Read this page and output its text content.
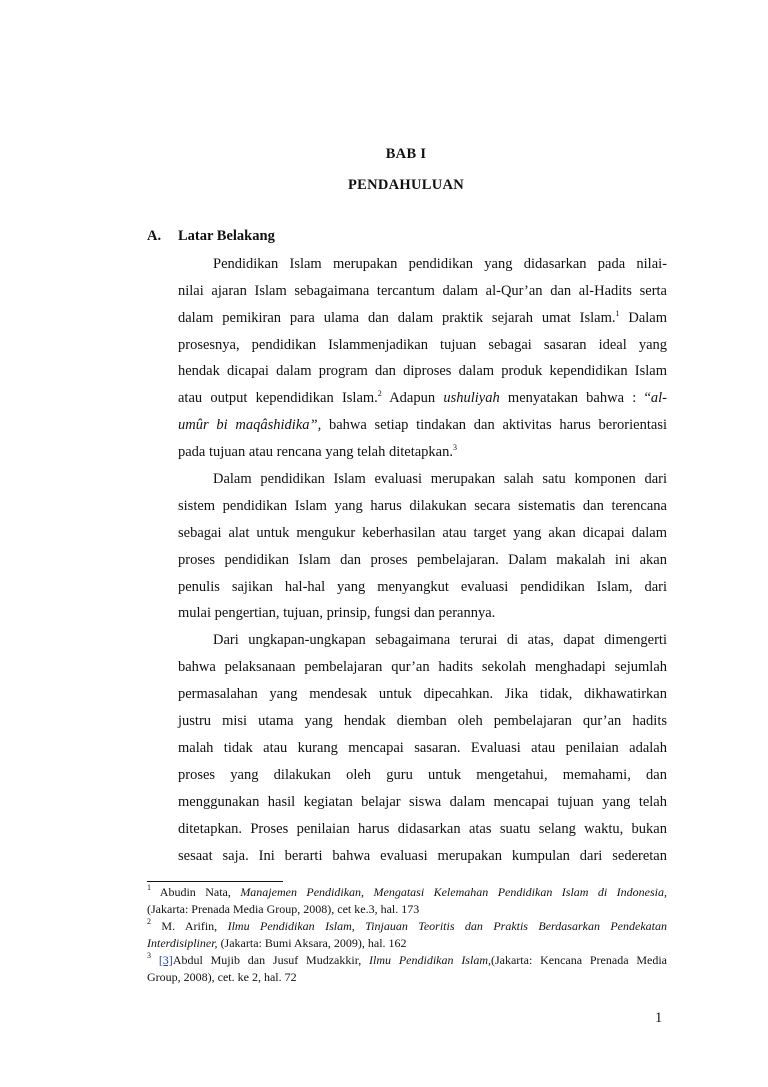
BAB I
PENDAHULUAN
A. Latar Belakang
Pendidikan Islam merupakan pendidikan yang didasarkan pada nilai-
nilai ajaran Islam sebagaimana tercantum dalam al-Qur’an dan al-Hadits serta
dalam pemikiran para ulama dan dalam praktik sejarah umat Islam.$^1$ Dalam
prosesnya, pendidikan Islammenjadikan tujuan sebagai sasaran ideal yang
hendak dicapai dalam program dan diproses dalam produk kependidikan Islam
atau output kependidikan Islam.$^2$ Adapun ushuliyah menyatakan bahwa : “al-
umûr bi maqâshidika”, bahwa setiap tindakan dan aktivitas harus berorientasi
pada tujuan atau rencana yang telah ditetapkan.$^3$
Dalam pendidikan Islam evaluasi merupakan salah satu komponen dari
sistem pendidikan Islam yang harus dilakukan secara sistematis dan terencana
sebagai alat untuk mengukur keberhasilan atau target yang akan dicapai dalam
proses pendidikan Islam dan proses pembelajaran. Dalam makalah ini akan
penulis sajikan hal-hal yang menyangkut evaluasi pendidikan Islam, dari
mulai pengertian, tujuan, prinsip, fungsi dan perannya.
Dari ungkapan-ungkapan sebagaimana terurai di atas, dapat dimengerti
bahwa pelaksanaan pembelajaran qur’an hadits sekolah menghadapi sejumlah
permasalahan yang mendesak untuk dipecahkan. Jika tidak, dikhawatirkan
justru misi utama yang hendak diemban oleh pembelajaran qur’an hadits
malah tidak atau kurang mencapai sasaran. Evaluasi atau penilaian adalah
proses yang dilakukan oleh guru untuk mengetahui, memahami, dan
menggunakan hasil kegiatan belajar siswa dalam mencapai tujuan yang telah
ditetapkan. Proses penilaian harus didasarkan atas suatu selang waktu, bukan
sesaat saja. Ini berarti bahwa evaluasi merupakan kumpulan dari sederetan
$^1$ Abudin Nata, Manajemen Pendidikan, Mengatasi Kelemahan Pendidikan Islam di Indonesia,
(Jakarta: Prenada Media Group, 2008), cet ke.3, hal. 173
$^2$ M. Arifin, Ilmu Pendidikan Islam, Tinjauan Teoritis dan Praktis Berdasarkan Pendekatan
Interdisipliner, (Jakarta: Bumi Aksara, 2009), hal. 162
$^3$ [3]Abdul Mujib dan Jusuf Mudzakkir, Ilmu Pendidikan Islam,(Jakarta: Kencana Prenada Media
Group, 2008), cet. ke 2, hal. 72
1
